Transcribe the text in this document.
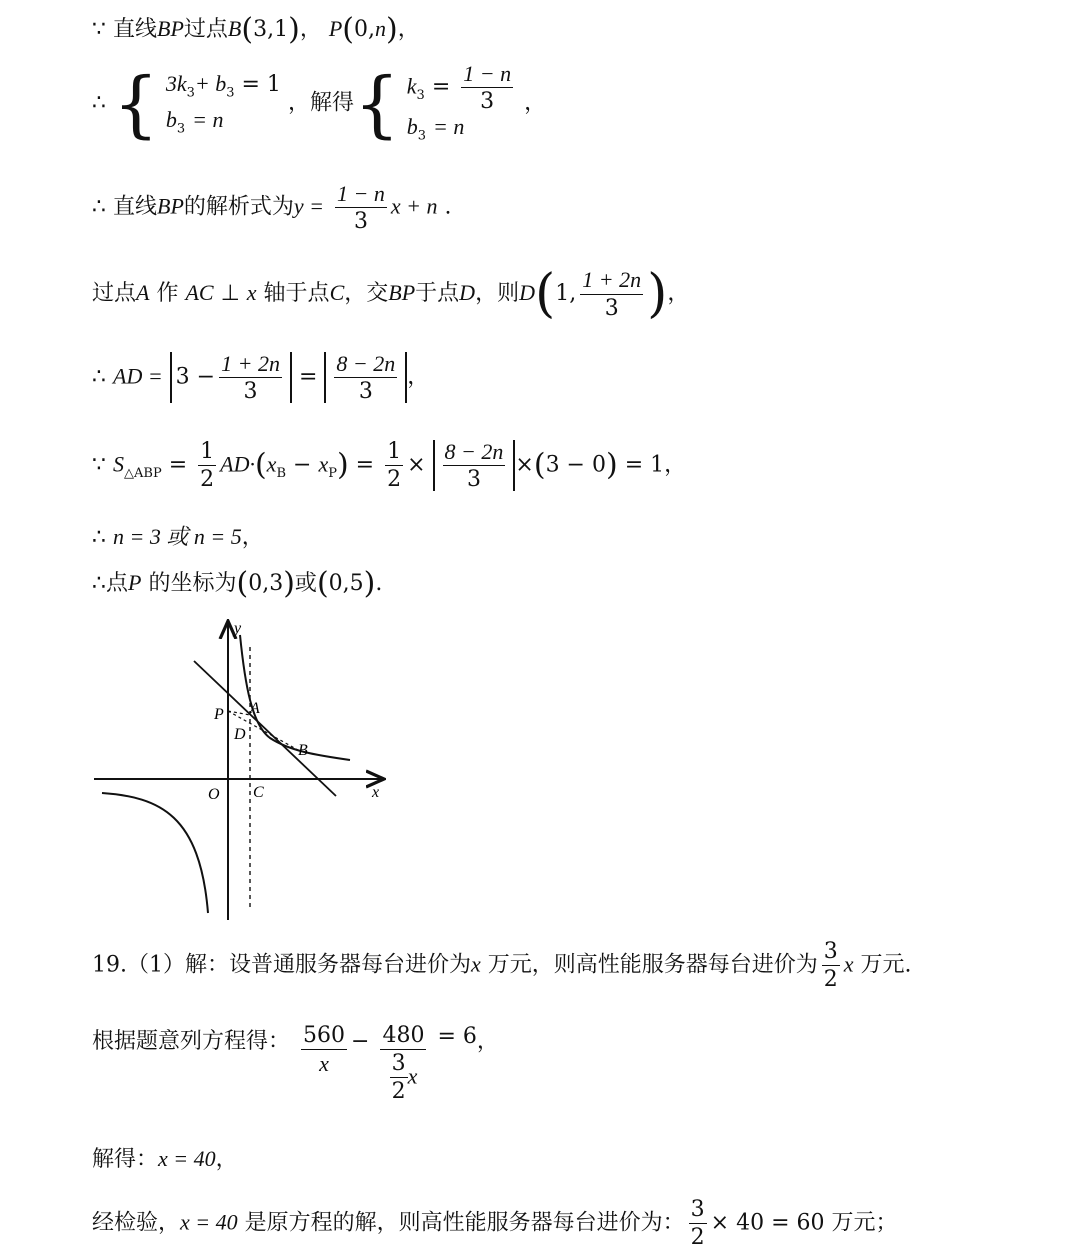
∵ 直线BP过点B(3,1)， P(0,n)，
∴ { $3k_3+ b_3 = 1$
$b_3 = n$
，解得{ $k_3 = \frac{1 - n}{3}$
$b_3 = n$
，
∴ 直线BP的解析式为$y = \frac{1 - n}{3}$ x + n .
过点A 作 AC ⊥ x 轴于点C，交BP于点D，则D(1, $\frac{1 + 2n}{3}$ )，
∴ AD = $3 - \frac{1 + 2n}{3} = \frac{8 - 2n}{3}$ ，
∵ $S_{\triangle ABP} = \frac{1}{2} AD\cdot(x_B - x_P) = \frac{1}{2} \times \frac{8 - 2n}{3} \times(3 - 0) = 1$，
∴ n = 3 或 n = 5，
∴点P 的坐标为(0,3)或(0,5).
y
x
O C
A
P
D
B
19.（1）解：设普通服务器每台进价为x 万元，则高性能服务器每台进价为 $\frac{3}{2}$ x 万元.
根据题意列方程得： $\frac{560}{x} - \frac{480}{\frac{3}{2} x} = 6$，
解得：x = 40，
经检验，x = 40 是原方程的解，则高性能服务器每台进价为： $\frac{3}{2} \times 40 = 60$ 万元；
